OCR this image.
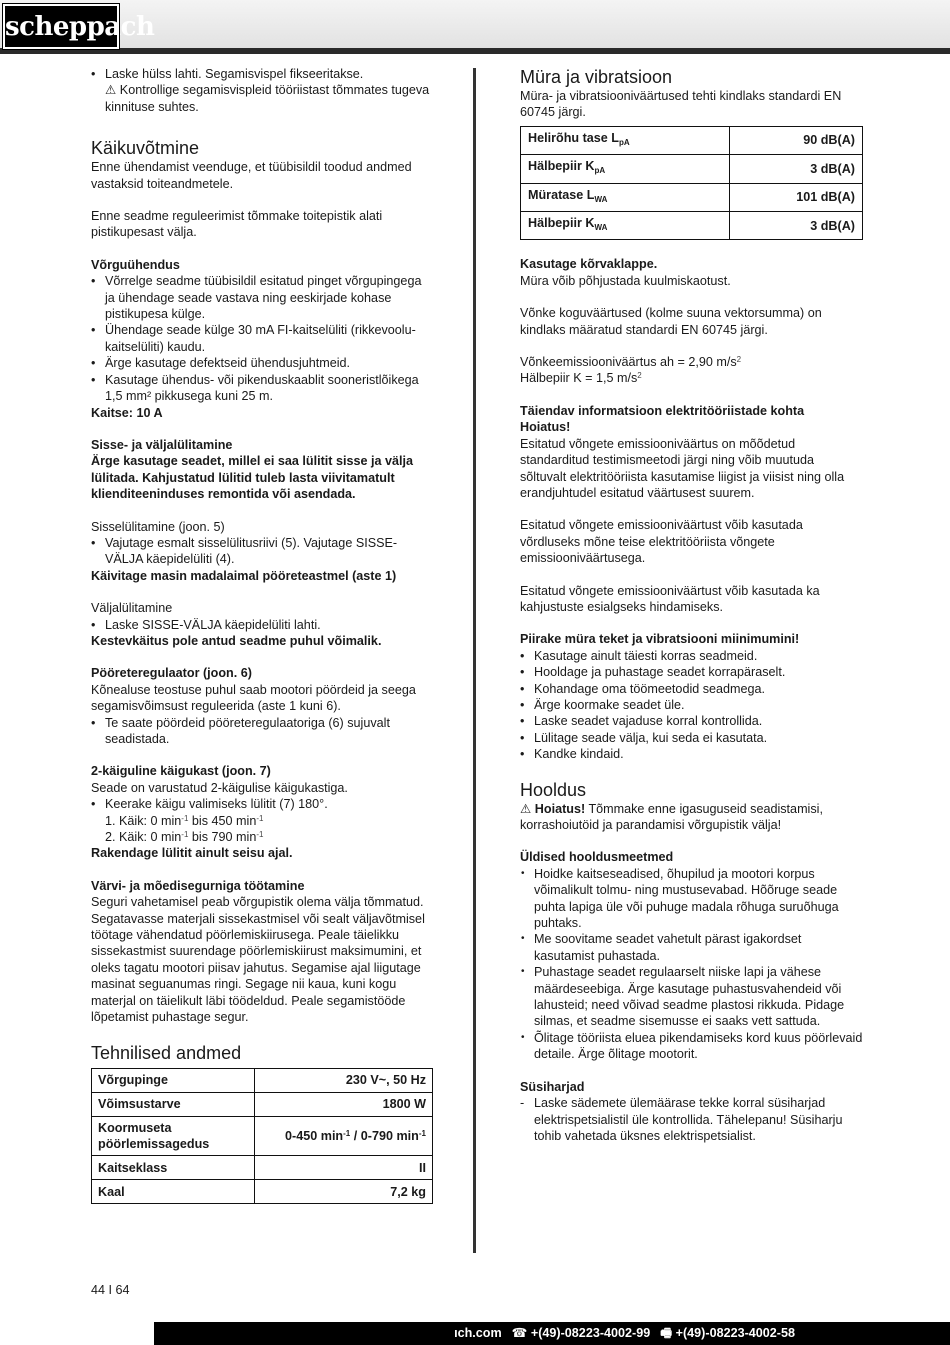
scheppach
• Laske hülss lahti. Segamisvispel fikseeritakse.
⚠ Kontrollige segamisvispleid tööriistast tõmmates tugeva kinnituse suhtes.
Käikuvõtmine

Enne ühendamist veenduge, et tüübisildil toodud andmed vastaksid toiteandmetele.

Enne seadme reguleerimist tõmmake toitepistik alati pistikupesast välja.

Võrguühendus

• Võrrelge seadme tüübisildil esitatud pinget võrgupingega ja ühendage seade vastava ning eeskirjade kohase pistikupesa külge.
• Ühendage seade külge 30 mA FI-kaitselüliti (rikkevoolu-kaitselüliti) kaudu.
• Ärge kasutage defektseid ühendusjuhtmeid.
• Kasutage ühendus- või pikenduskaablit sooneristlõikega 1,5 mm² pikkusega kuni 25 m.

Kaitse: 10 A

Sisse- ja väljalülitamine

Ärge kasutage seadet, millel ei saa lülitit sisse ja välja lülitada. Kahjustatud lülitid tuleb lasta viivitamatult klienditeeninduses remontida või asendada.

Sisselülitamine (joon. 5)

• Vajutage esmalt sisselülitusriivi (5). Vajutage SISSE-VÄLJA käepidelüliti (4).

Käivitage masin madalaimal pööreteastmel (aste 1)

Väljalülitamine

• Laske SISSE-VÄLJA käepidelüliti lahti.

Kestevkäitus pole antud seadme puhul võimalik.

Pööreteregulaator (joon. 6)

Kõnealuse teostuse puhul saab mootori pöördeid ja seega segamisvõimsust reguleerida (aste 1 kuni 6).

• Te saate pöördeid pööreteregulaatoriga (6) sujuvalt seadistada.

2-käiguline käigukast (joon. 7)

Seade on varustatud 2-käigulise käigukastiga.

• Keerake käigu valimiseks lülitit (7) 180°.

1. Käik: 0 $\min^{-1}$ bis 450 $\min^{-1}$

2. Käik: 0 $\min^{-1}$ bis 790 $\min^{-1}$

Rakendage lülitit ainult seisu ajal.

Värvi- ja mõedisegurniga töötamine

Seguri vahetamisel peab võrgupistik olema välja tõmmatud.

Segatavasse materjali sissekastmisel või sealt väljavõtmisel töötage vähendatud pöörlemiskiirusega. Peale täielikku sissekastmist suurendage pöörlemiskiirust maksimumini, et oleks tagatu mootori piisav jahutus. Segamise ajal liigutage masinat seguanumas ringi. Segage nii kaua, kuni kogu materjal on täielikult läbi töödeldud. Peale segamistööde lõpetamist puhastage segur.

Tehnilised andmed
Võrgupinge	230 V~, 50 Hz
Võimsustarve	1800 W
Koormuseta pöörlemissagedus	0-450 $\min^{-1} / 0-790$ $\min^{-1}$
Kaitseklass	II
Kaal	7,2 kg
Müra ja vibratsioon

Müra- ja vibratsiooniväärtused tehti kindlaks standardi EN 60745 järgi.

Helirõhu tase $L_{pA}$	90 dB(A)
Hälbepiir $K_{pA}$	3 dB(A)
Müratase $L_{WA}$	101 dB(A)
Hälbepiir $K_{WA}$	3 dB(A)

Kasutage kõrvaklappe.

Müra võib põhjustada kuulmiskaotust.

Võnke koguväärtused (kolme suuna vektorsumma) on kindlaks määratud standardi EN 60745 järgi.

Võnkeemissiooniväärtus ah = 2,90 $m/s^2$

Hälbepiir K = 1,5 $m/s^2$

Täiendav informatsioon elektritööriistade kohta

Hoiatus!

Esitatud võngete emissiooniväärtus on mõõdetud standarditud testimismeetodi järgi ning võib muutuda sõltuvalt elektritööriista kasutamise liigist ja viisist ning olla erandjuhtudel esitatud väärtusest suurem.

Esitatud võngete emissiooniväärtust võib kasutada võrdluseks mõne teise elektritööriista võngete emissiooniväärtusega.

Esitatud võngete emissiooniväärtust võib kasutada ka kahjustuste esialgseks hindamiseks.

Piirake müra teket ja vibratsiooni miinimumini!

• Kasutage ainult täiesti korras seadmeid.
• Hooldage ja puhastage seadet korrapäraselt.
• Kohandage oma töömeetodid seadmega.
• Ärge koormake seadet üle.
• Laske seadet vajaduse korral kontrollida.
• Lülitage seade välja, kui seda ei kasutata.
• Kandke kindaid.
Hooldus

⚠ Hoiatus! Tõmmake enne igasuguseid seadistamisi, korrashoiutöid ja parandamisi võrgupistik välja!

Üldised hooldusmeetmed

• Hoidke kaitseseadised, õhupilud ja mootori korpus võimalikult tolmu- ning mustusevabad. Hõõruge seade puhta lapiga üle või puhuge madala rõhuga suruõhuga puhtaks.
• Me soovitame seadet vahetult pärast igakordset kasutamist puhastada.
• Puhastage seadet regulaarselt niiske lapi ja vähese määrdeseebiga. Ärge kasutage puhastusvahendeid või lahusteid; need võivad seadme plastosi rikkuda. Pidage silmas, et seadme sisemusse ei saaks vett sattuda.
• Õlitage tööriista eluea pikendamiseks kord kuus pöörlevaid detaile. Ärge õlitage mootorit.

Süsiharjad

- Laske sädemete ülemäärase tekke korral süsiharjad elektrispetsialistil üle kontrollida. Tähelepanu! Süsiharju tohib vahetada üksnes elektrispetsialist.
44 I 64
ıch.com ☎ +(49)-08223-4002-99 🖷 +(49)-08223-4002-58
